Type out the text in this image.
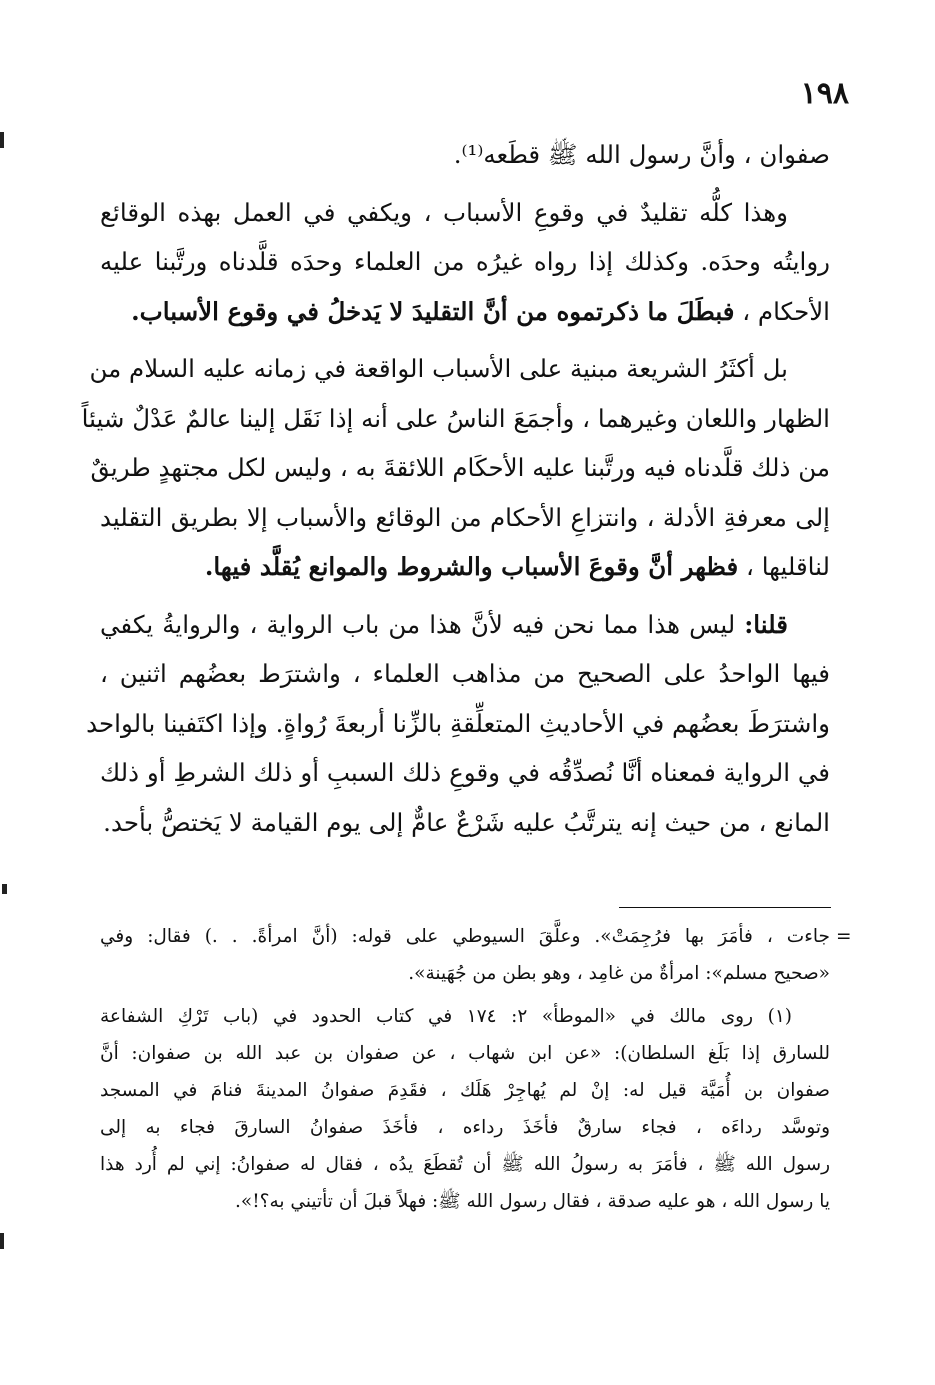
١٩٨
صفوان ، وأنَّ رسول الله ﷺ قطَعه⁽¹⁾.
وهذا كلُّه تقليدٌ في وقوعِ الأسباب ، ويكفي في العمل بهذه الوقائع
روايتُه وحدَه. وكذلك إذا رواه غيرُه من العلماء وحدَه قلَّدناه ورتَّبنا عليه
الأحكام ، فبطَلَ ما ذكرتموه من أنَّ التقليدَ لا يَدخلُ في وقوع الأسباب.
بل أكثَرُ الشريعة مبنية على الأسباب الواقعة في زمانه عليه السلام من
الظهار واللعان وغيرهما ، وأجمَعَ الناسُ على أنه إذا نَقَل إلينا عالمٌ عَدْلٌ شيئاً
من ذلك قلَّدناه فيه ورتَّبنا عليه الأحكَام اللائقةَ به ، وليس لكل مجتهدٍ طريقٌ
إلى معرفةِ الأدلة ، وانتزاعِ الأحكام من الوقائع والأسباب إلا بطريق التقليد
لناقليها ، فظهر أنَّ وقوعَ الأسباب والشروط والموانع يُقلَّد فيها.
قلنا: ليس هذا مما نحن فيه لأنَّ هذا من باب الرواية ، والروايةُ يكفي
فيها الواحدُ على الصحيح من مذاهب العلماء ، واشترَط بعضُهم اثنين ،
واشترَطَ بعضُهم في الأحاديثِ المتعلِّقةِ بالزِّنا أربعةَ رُواةٍ. وإذا اكتَفينا بالواحد
في الرواية فمعناه أنَّا نُصدِّقُه في وقوعِ ذلك السببِ أو ذلك الشرطِ أو ذلك
المانع ، من حيث إنه يترتَّبُ عليه شَرْعٌ عامٌّ إلى يوم القيامة لا يَختصُّ بأحد.
=
جاءت ، فأمَرَ بها فرُجِمَتْ». وعلَّقَ السيوطي على قوله: (أنَّ امرأةً. . .) فقال: وفي
«صحيح مسلم»: امرأةٌ من غامِد ، وهو بطن من جُهَينة».
(١) روى مالك في «الموطأ» ٢: ١٧٤ في كتاب الحدود في (باب تَرْكِ الشفاعة
للسارق إذا بَلَغ السلطان): «عن ابن شهاب ، عن صفوان بن عبد الله بن صفوان: أنَّ
صفوان بن أُمَيَّة قيل له: إنْ لم يُهاجِرْ هَلَك ، فقَدِمَ صفوانُ المدينةَ فنامَ في المسجد
وتوسَّد رداءَه ، فجاء سارقٌ فأخَذَ رداءه ، فأخَذَ صفوانُ السارقَ فجاء به إلى
رسول الله ﷺ ، فأمَرَ به رسولُ الله ﷺ أن تُقطَعَ يدُه ، فقال له صفوانُ: إني لم أُرد هذا
يا رسول الله ، هو عليه صدقة ، فقال رسول الله ﷺ: فهلاً قبلَ أن تأتيني به؟!».
